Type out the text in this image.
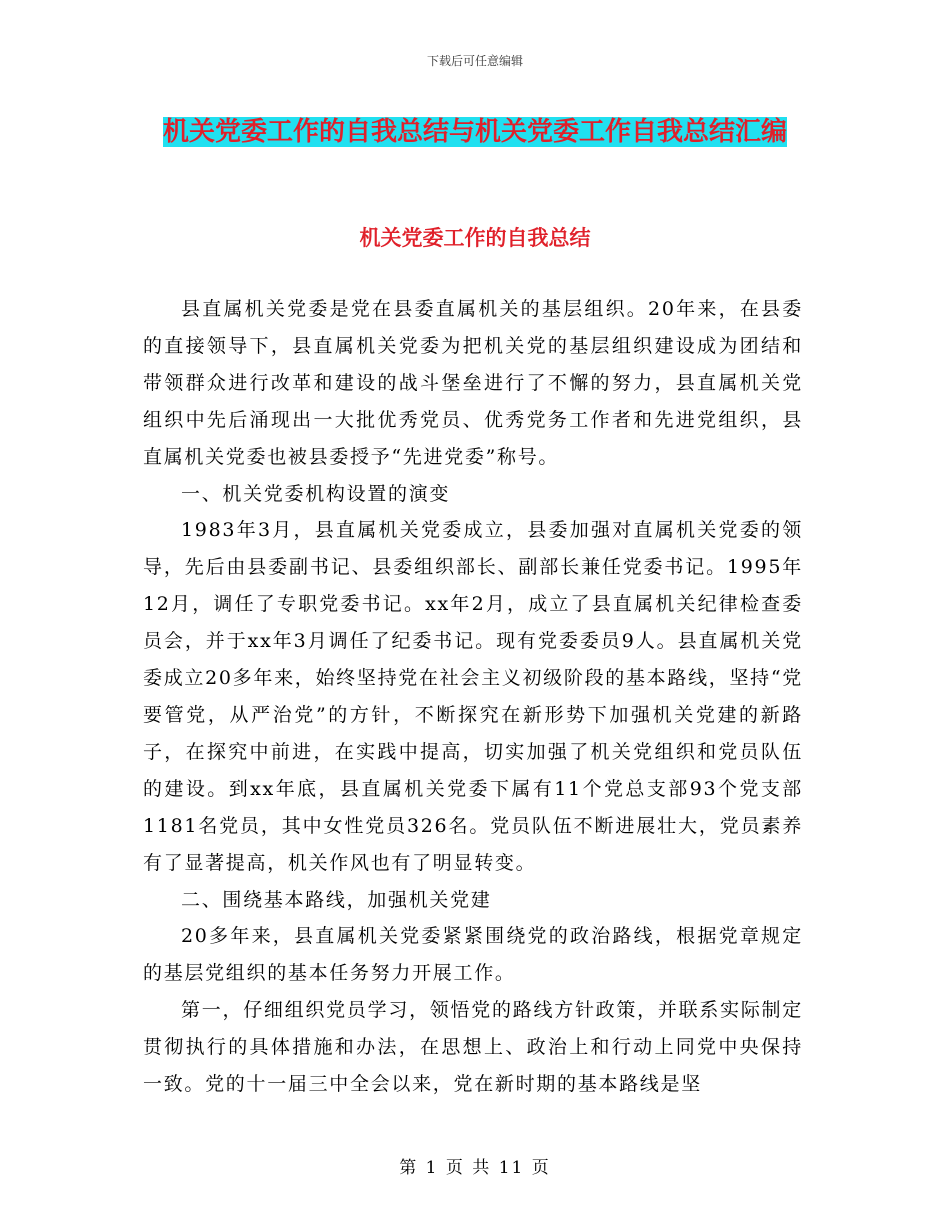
下载后可任意编辑
机关党委工作的自我总结与机关党委工作自我总结汇编
机关党委工作的自我总结

县直属机关党委是党在县委直属机关的基层组织。20年来，在县委的直接领导下，县直属机关党委为把机关党的基层组织建设成为团结和带领群众进行改革和建设的战斗堡垒进行了不懈的努力，县直属机关党组织中先后涌现出一大批优秀党员、优秀党务工作者和先进党组织，县直属机关党委也被县委授予“先进党委”称号。

一、机关党委机构设置的演变

1983年3月，县直属机关党委成立，县委加强对直属机关党委的领导，先后由县委副书记、县委组织部长、副部长兼任党委书记。1995年12月，调任了专职党委书记。xx年2月，成立了县直属机关纪律检查委员会，并于xx年3月调任了纪委书记。现有党委委员9人。县直属机关党委成立20多年来，始终坚持党在社会主义初级阶段的基本路线，坚持“党要管党，从严治党”的方针，不断探究在新形势下加强机关党建的新路子，在探究中前进，在实践中提高，切实加强了机关党组织和党员队伍的建设。到xx年底，县直属机关党委下属有11个党总支部93个党支部1181名党员，其中女性党员326名。党员队伍不断进展壮大，党员素养有了显著提高，机关作风也有了明显转变。

二、围绕基本路线，加强机关党建

20多年来，县直属机关党委紧紧围绕党的政治路线，根据党章规定的基层党组织的基本任务努力开展工作。

第一，仔细组织党员学习，领悟党的路线方针政策，并联系实际制定贯彻执行的具体措施和办法，在思想上、政治上和行动上同党中央保持一致。党的十一届三中全会以来，党在新时期的基本路线是坚

第 1 页 共 11 页
